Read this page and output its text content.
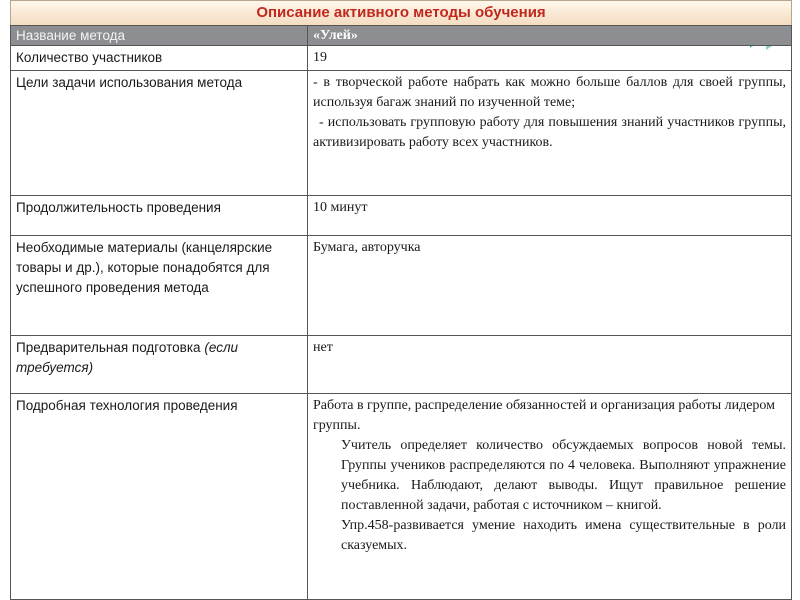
Описание активного методы обучения
Название метода	«Улей»
Количество участников	19
Цели задачи использования метода	- в творческой работе набрать как можно больше баллов для своей группы, используя багаж знаний по изученной теме;

- использовать групповую работу для повышения знаний участников группы, активизировать работу всех участников.

Продолжительность проведения	10 минут
Необходимые материалы (канцелярские товары и др.), которые понадобятся для успешного проведения метода	Бумага, авторучка
Предварительная подготовка (если требуется)	нет
Подробная технология проведения	Работа в группе, распределение обязанностей и организация работы лидером группы.

Учитель определяет количество обсуждаемых вопросов новой темы. Группы учеников распределяются по 4 человека. Выполняют упражнение учебника. Наблюдают, делают выводы. Ищут правильное решение поставленной задачи, работая с источником – книгой.

Упр.458-развивается умение находить имена существительные в роли сказуемых.
